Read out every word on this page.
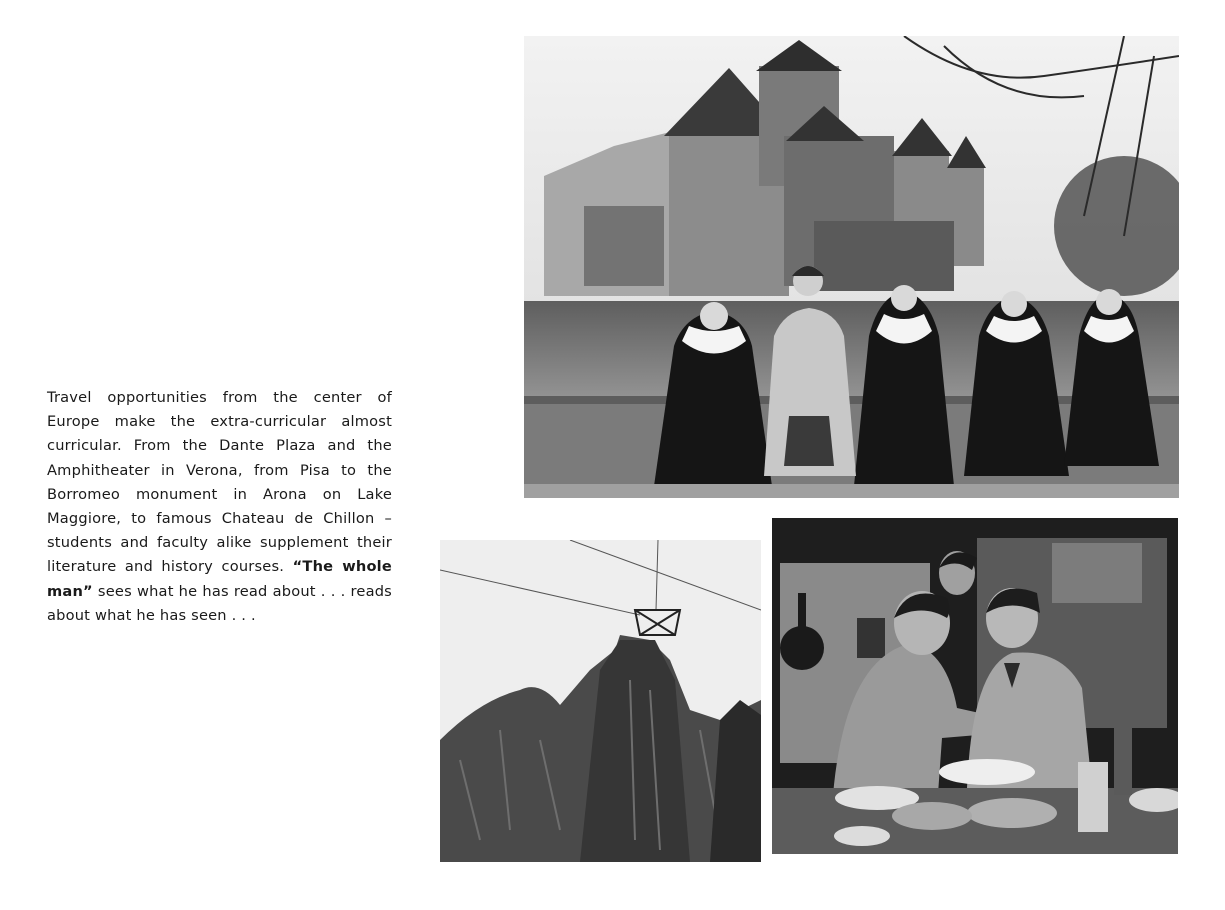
Travel opportunities from the center of Europe make the extra-curricular almost curricular. From the Dante Plaza and the Amphitheater in Verona, from Pisa to the Borromeo monument in Arona on Lake Maggiore, to famous Chateau de Chillon – students and faculty alike supplement their literature and history courses. “The whole man” sees what he has read about . . . reads about what he has seen . . .
